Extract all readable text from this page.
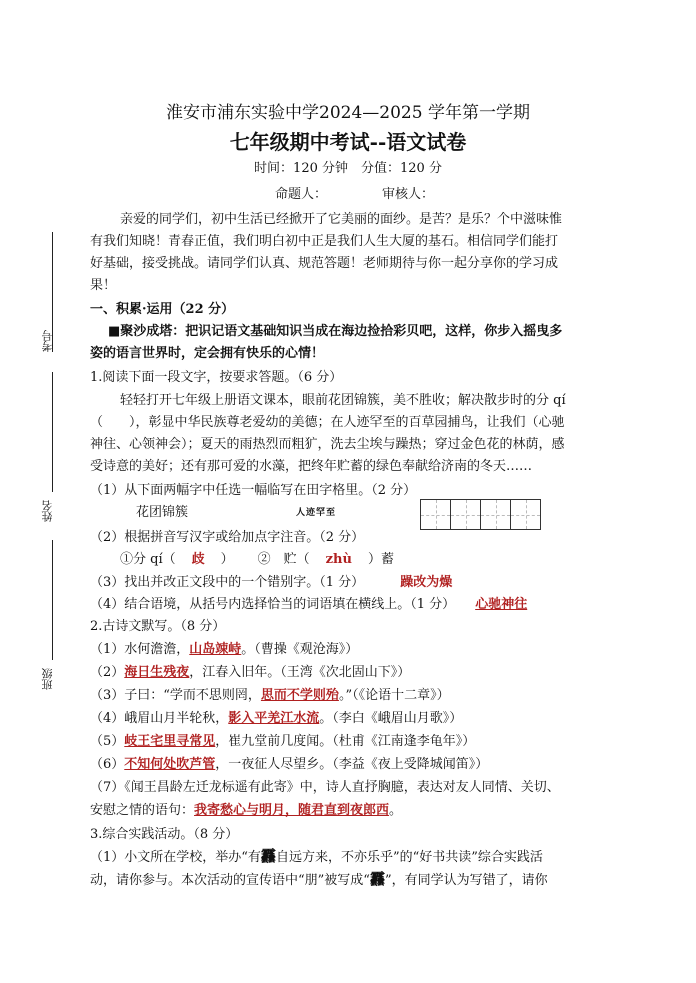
考号
姓名
班级
淮安市浦东实验中学2024—2025 学年第一学期
七年级期中考试--语文试卷
时间：120 分钟　分值：120 分
命题人：	审核人：
亲爱的同学们，初中生活已经掀开了它美丽的面纱。是苦？是乐？个中滋味惟
有我们知晓！青春正值，我们明白初中正是我们人生大厦的基石。相信同学们能打
好基础，接受挑战。请同学们认真、规范答题！老师期待与你一起分享你的学习成
果！
一、积累·运用（22 分）
■聚沙成塔：把识记语文基础知识当成在海边捡拾彩贝吧，这样，你步入摇曳多
姿的语言世界时，定会拥有快乐的心情！
1.阅读下面一段文字，按要求答题。（6 分）
轻轻打开七年级上册语文课本，眼前花团锦簇，美不胜收；解决散步时的分 qí
（　　），彰显中华民族尊老爱幼的美德；在人迹罕至的百草园捕鸟，让我们（心驰
神往、心领神会）；夏天的雨热烈而粗犷，洗去尘埃与躁热；穿过金色花的林荫，感
受诗意的美好；还有那可爱的水藻，把终年贮蓄的绿色奉献给济南的冬天……
（1）从下面两幅字中任选一幅临写在田字格里。（2 分）
花团锦簇	人迹罕至
（2）根据拼音写汉字或给加点字注音。（2 分）
①分 qí（ 歧 ） ②　贮（ zhù ）蓄
（3）找出并改正文段中的一个错别字。（1 分）	躁改为燥
（4）结合语境，从括号内选择恰当的词语填在横线上。（1 分） 心驰神往
2.古诗文默写。（8 分）
（1）水何澹澹，山岛竦峙。（曹操《观沧海》）
（2）海日生残夜，江春入旧年。（王湾《次北固山下》）
（3）子曰：“学而不思则罔，思而不学则殆。”（《论语十二章》）
（4）峨眉山月半轮秋，影入平羌江水流。（李白《峨眉山月歌》）
（5）岐王宅里寻常见，崔九堂前几度闻。（杜甫《江南逢李龟年》）
（6）不知何处吹芦管，一夜征人尽望乡。（李益《夜上受降城闻笛》）
（7）《闻王昌龄左迁龙标遥有此寄》中，诗人直抒胸臆，表达对友人同情、关切、
安慰之情的语句：我寄愁心与明月，随君直到夜郎西。
3.综合实践活动。（8 分）
（1）小文所在学校，举办“有䨺自远方来，不亦乐乎”的“好书共读”综合实践活
动，请你参与。本次活动的宣传语中“朋”被写成“䨺”，有同学认为写错了，请你
